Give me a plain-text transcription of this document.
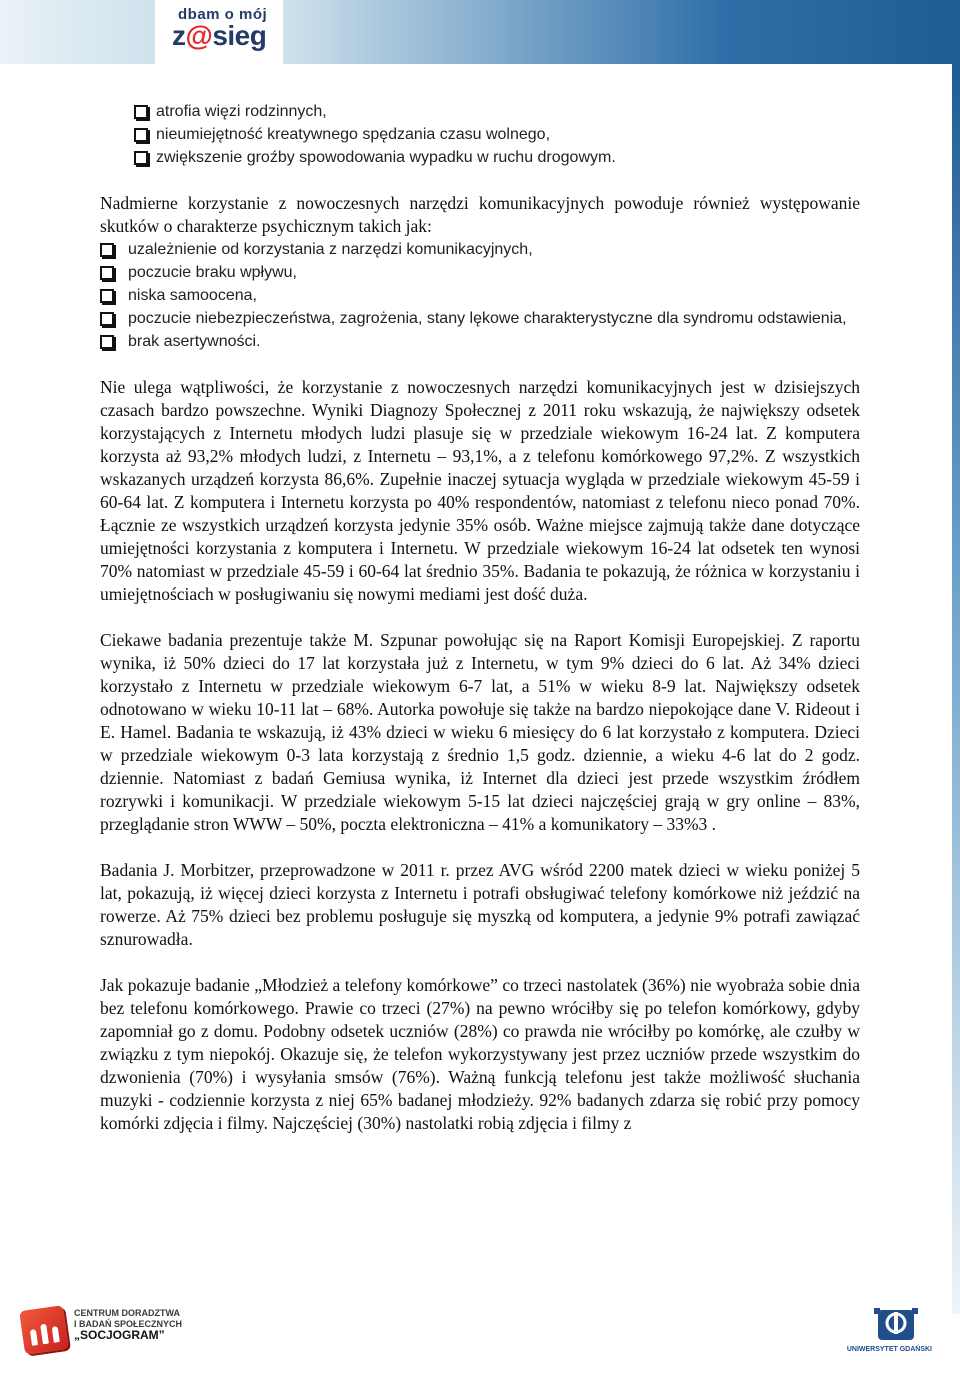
dbam o mój
z@sieg
atrofia więzi rodzinnych,
nieumiejętność kreatywnego spędzania czasu wolnego,
zwiększenie groźby spowodowania wypadku w ruchu drogowym.

Nadmierne korzystanie z nowoczesnych narzędzi komunikacyjnych powoduje również występowanie skutków o charakterze psychicznym takich jak:

uzależnienie od korzystania z narzędzi komunikacyjnych,
poczucie braku wpływu,
niska samoocena,
poczucie niebezpieczeństwa, zagrożenia, stany lękowe charakterystyczne dla syndromu odstawienia,
brak asertywności.

Nie ulega wątpliwości, że korzystanie z nowoczesnych narzędzi komunikacyjnych jest w dzisiejszych czasach bardzo powszechne. Wyniki Diagnozy Społecznej z 2011 roku wskazują, że największy odsetek korzystających z Internetu młodych ludzi plasuje się w przedziale wiekowym 16-24 lat. Z komputera korzysta aż 93,2% młodych ludzi, z Internetu – 93,1%, a z telefonu komórkowego 97,2%. Z wszystkich wskazanych urządzeń korzysta 86,6%. Zupełnie inaczej sytuacja wygląda w przedziale wiekowym 45-59 i 60-64 lat. Z komputera i Internetu korzysta po 40% respondentów, natomiast z telefonu nieco ponad 70%. Łącznie ze wszystkich urządzeń korzysta jedynie 35% osób. Ważne miejsce zajmują także dane dotyczące umiejętności korzystania z komputera i Internetu. W przedziale wiekowym 16-24 lat odsetek ten wynosi 70% natomiast w przedziale 45-59 i 60-64 lat średnio 35%. Badania te pokazują, że różnica w korzystaniu i umiejętnościach w posługiwaniu się nowymi mediami jest dość duża.

Ciekawe badania prezentuje także M. Szpunar powołując się na Raport Komisji Europejskiej. Z raportu wynika, iż 50% dzieci do 17 lat korzystała już z Internetu, w tym 9% dzieci do 6 lat. Aż 34% dzieci korzystało z Internetu w przedziale wiekowym 6-7 lat, a 51% w wieku 8-9 lat. Największy odsetek odnotowano w wieku 10-11 lat – 68%. Autorka powołuje się także na bardzo niepokojące dane V. Rideout i E. Hamel. Badania te wskazują, iż 43% dzieci w wieku 6 miesięcy do 6 lat korzystało z komputera. Dzieci w przedziale wiekowym 0-3 lata korzystają z średnio 1,5 godz. dziennie, a wieku 4-6 lat do 2 godz. dziennie. Natomiast z badań Gemiusa wynika, iż Internet dla dzieci jest przede wszystkim źródłem rozrywki i komunikacji. W przedziale wiekowym 5-15 lat dzieci najczęściej grają w gry online – 83%, przeglądanie stron WWW – 50%, poczta elektroniczna – 41% a komunikatory – 33%3 .

Badania J. Morbitzer, przeprowadzone w 2011 r. przez AVG wśród 2200 matek dzieci w wieku poniżej 5 lat, pokazują, iż więcej dzieci korzysta z Internetu i potrafi obsługiwać telefony komórkowe niż jeździć na rowerze. Aż 75% dzieci bez problemu posługuje się myszką od komputera, a jedynie 9% potrafi zawiązać sznurowadła.

Jak pokazuje badanie „Młodzież a telefony komórkowe” co trzeci nastolatek (36%) nie wyobraża sobie dnia bez telefonu komórkowego. Prawie co trzeci (27%) na pewno wróciłby się po telefon komórkowy, gdyby zapomniał go z domu. Podobny odsetek uczniów (28%) co prawda nie wróciłby po komórkę, ale czułby w związku z tym niepokój. Okazuje się, że telefon wykorzystywany jest przez uczniów przede wszystkim do dzwonienia (70%) i wysyłania smsów (76%). Ważną funkcją telefonu jest także możliwość słuchania muzyki - codziennie korzysta z niej 65% badanej młodzieży. 92% badanych zdarza się robić przy pomocy komórki zdjęcia i filmy. Najczęściej (30%) nastolatki robią zdjęcia i filmy z

CENTRUM DORADZTWA
I BADAŃ SPOŁECZNYCH
„SOCJOGRAM”
UNIWERSYTET GDAŃSKI
